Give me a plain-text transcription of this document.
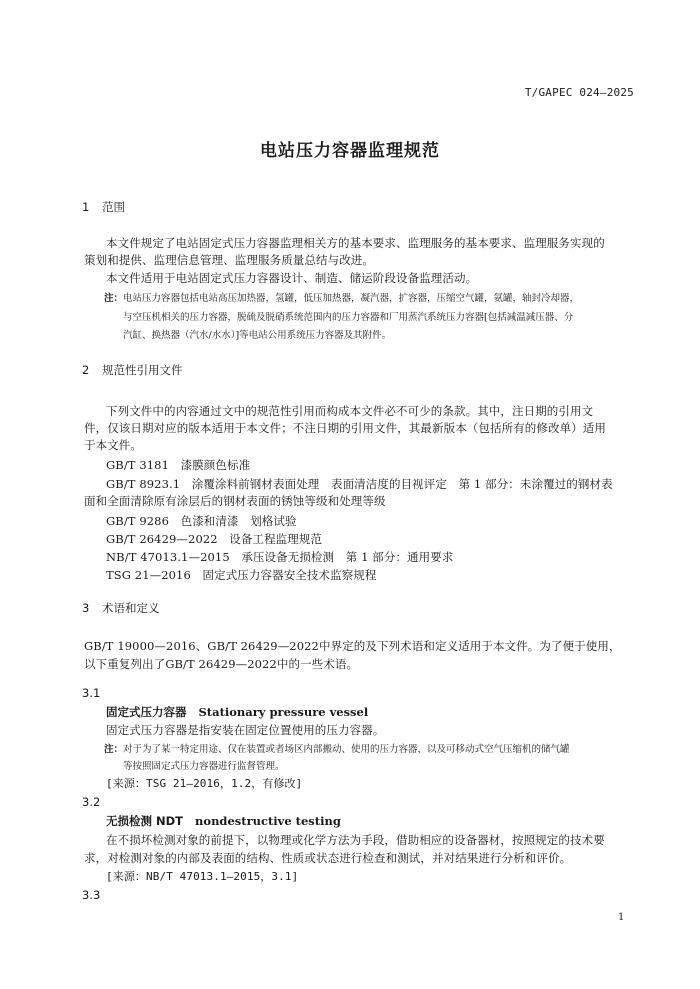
T/GAPEC 024—2025
电站压力容器监理规范
1 范围
本文件规定了电站固定式压力容器监理相关方的基本要求、监理服务的基本要求、监理服务实现的
策划和提供、监理信息管理、监理服务质量总结与改进。
本文件适用于电站固定式压力容器设计、制造、储运阶段设备监理活动。
注：电站压力容器包括电站高压加热器，氢罐，低压加热器，凝汽器，扩容器，压缩空气罐，氨罐，轴封冷却器，
与空压机相关的压力容器，脱硫及脱硝系统范围内的压力容器和厂用蒸汽系统压力容器[包括减温减压器、分
汽缸、换热器（汽水/水水）]等电站公用系统压力容器及其附件。
2 规范性引用文件
下列文件中的内容通过文中的规范性引用而构成本文件必不可少的条款。其中，注日期的引用文
件，仅该日期对应的版本适用于本文件；不注日期的引用文件，其最新版本（包括所有的修改单）适用
于本文件。
GB/T 3181　漆膜颜色标准
GB/T 8923.1　涂覆涂料前钢材表面处理　表面清洁度的目视评定　第 1 部分：未涂覆过的钢材表
面和全面清除原有涂层后的钢材表面的锈蚀等级和处理等级
GB/T 9286　色漆和清漆　划格试验
GB/T 26429—2022　设备工程监理规范
NB/T 47013.1—2015　承压设备无损检测　第 1 部分：通用要求
TSG 21—2016　固定式压力容器安全技术监察规程
3 术语和定义
GB/T 19000—2016、GB/T 26429—2022中界定的及下列术语和定义适用于本文件。为了便于使用，
以下重复列出了GB/T 26429—2022中的一些术语。
3.1
固定式压力容器 Stationary pressure vessel
固定式压力容器是指安装在固定位置使用的压力容器。
注：对于为了某一特定用途、仅在装置或者场区内部搬动、使用的压力容器，以及可移动式空气压缩机的储气罐
等按照固定式压力容器进行监督管理。
[来源：TSG 21—2016，1.2，有修改]
3.2
无损检测 NDT nondestructive testing
在不损坏检测对象的前提下，以物理或化学方法为手段，借助相应的设备器材，按照规定的技术要
求，对检测对象的内部及表面的结构、性质或状态进行检查和测试，并对结果进行分析和评价。
[来源：NB/T 47013.1—2015，3.1]
3.3
1
